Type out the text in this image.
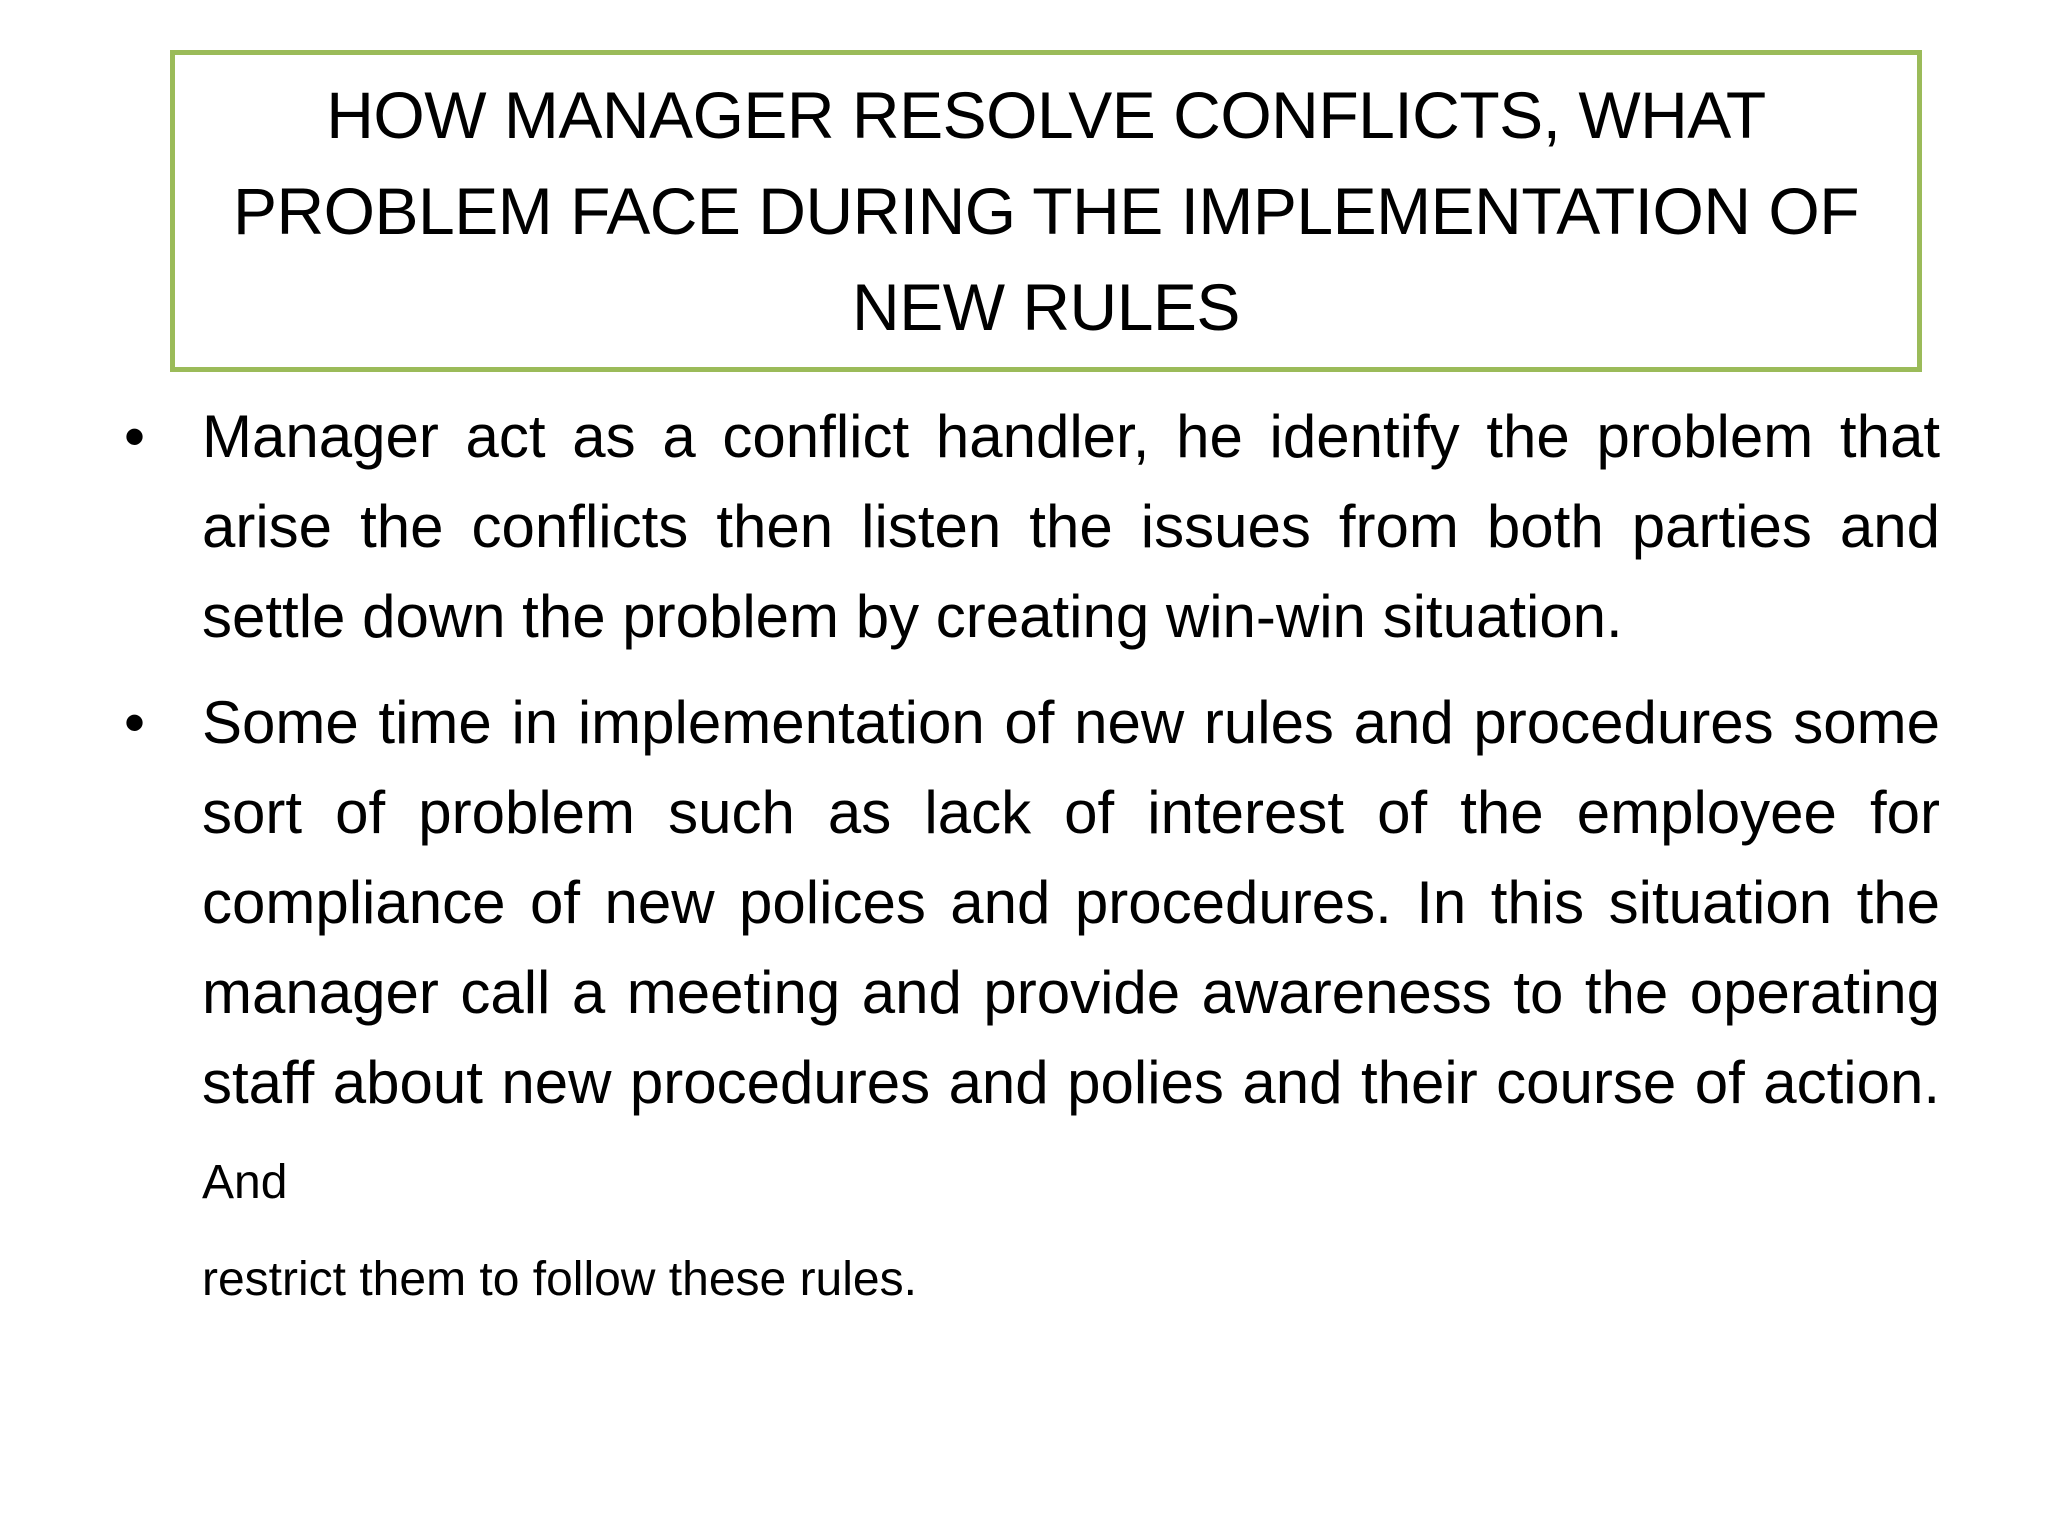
HOW MANAGER RESOLVE CONFLICTS, WHAT
PROBLEM FACE DURING THE IMPLEMENTATION OF
NEW RULES
• Manager act as a conflict handler, he identify the problem that arise the conflicts then listen the issues from both parties and settle down the problem by creating win-win situation.
• Some time in implementation of new rules and procedures some sort of problem such as lack of interest of the employee for compliance of new polices and procedures. In this situation the manager call a meeting and provide awareness to the operating staff about new procedures and polies and their course of action. And
restrict them to follow these rules.
